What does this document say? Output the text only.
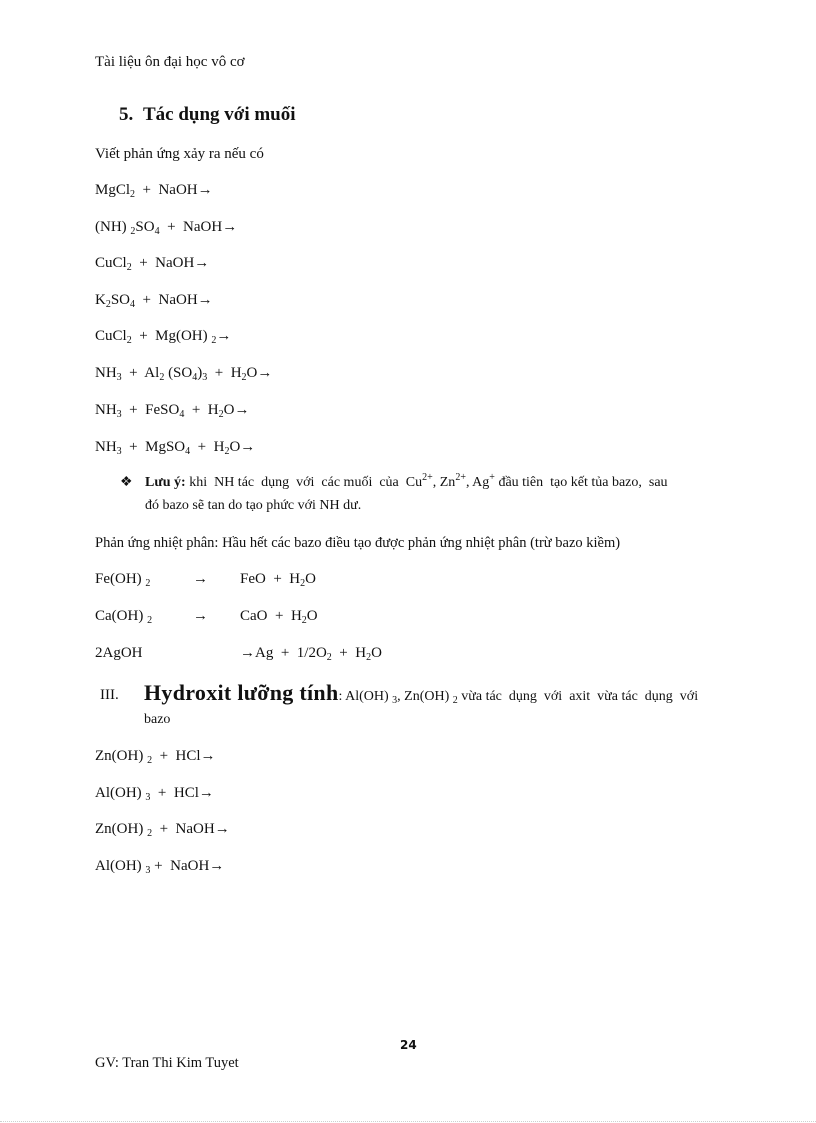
Tài liệu ôn đại học vô cơ
5. Tác dụng với muối
Viết phản ứng xảy ra nếu có
MgCl$_2$  +  NaOH→
(NH) $_2SO_4$  +  NaOH→
CuCl$_2$  +  NaOH→
$K_2SO_4$  +  NaOH→
CuCl$_2$  +  Mg(OH) $_2$→
$NH_3 + Al_2$ $(SO_4)_3 + H_2O\to$
$NH_3$  +  FeSO$_4$  +  $H_2O\to$
$NH_3$  +  MgSO$_4$  +  $H_2O\to$
❖ Lưu ý: khi  NH tác  dụng  với  các muối  của  $Cu^{2+}$, $Zn^{2+}$, Ag+ đầu tiên  tạo kết tủa bazo,  sau
đó bazo sẽ tan do tạo phức với NH dư.
Phản ứng nhiệt phân: Hầu hết các bazo điều tạo được phản ứng nhiệt phân (trừ bazo kiềm)
Fe(OH) $_2$	→ FeO  +  $H_2O$
Ca(OH) $_2$	→ CaO  +  $H_2O$
2AgOH	$\to Ag + 1/2O_2 + H_2O$
III. Hydroxit lưỡng tính: Al(OH) $_3$, Zn(OH) $_2$ vừa tác  dụng  với  axit  vừa tác  dụng  với
bazo
Zn(OH) $_2$  +  HCl→
Al(OH) $_3$  +  HCl→
Zn(OH) $_2$  +  NaOH→
Al(OH) $_3$ +  NaOH→
24
GV: Tran Thi Kim Tuyet
